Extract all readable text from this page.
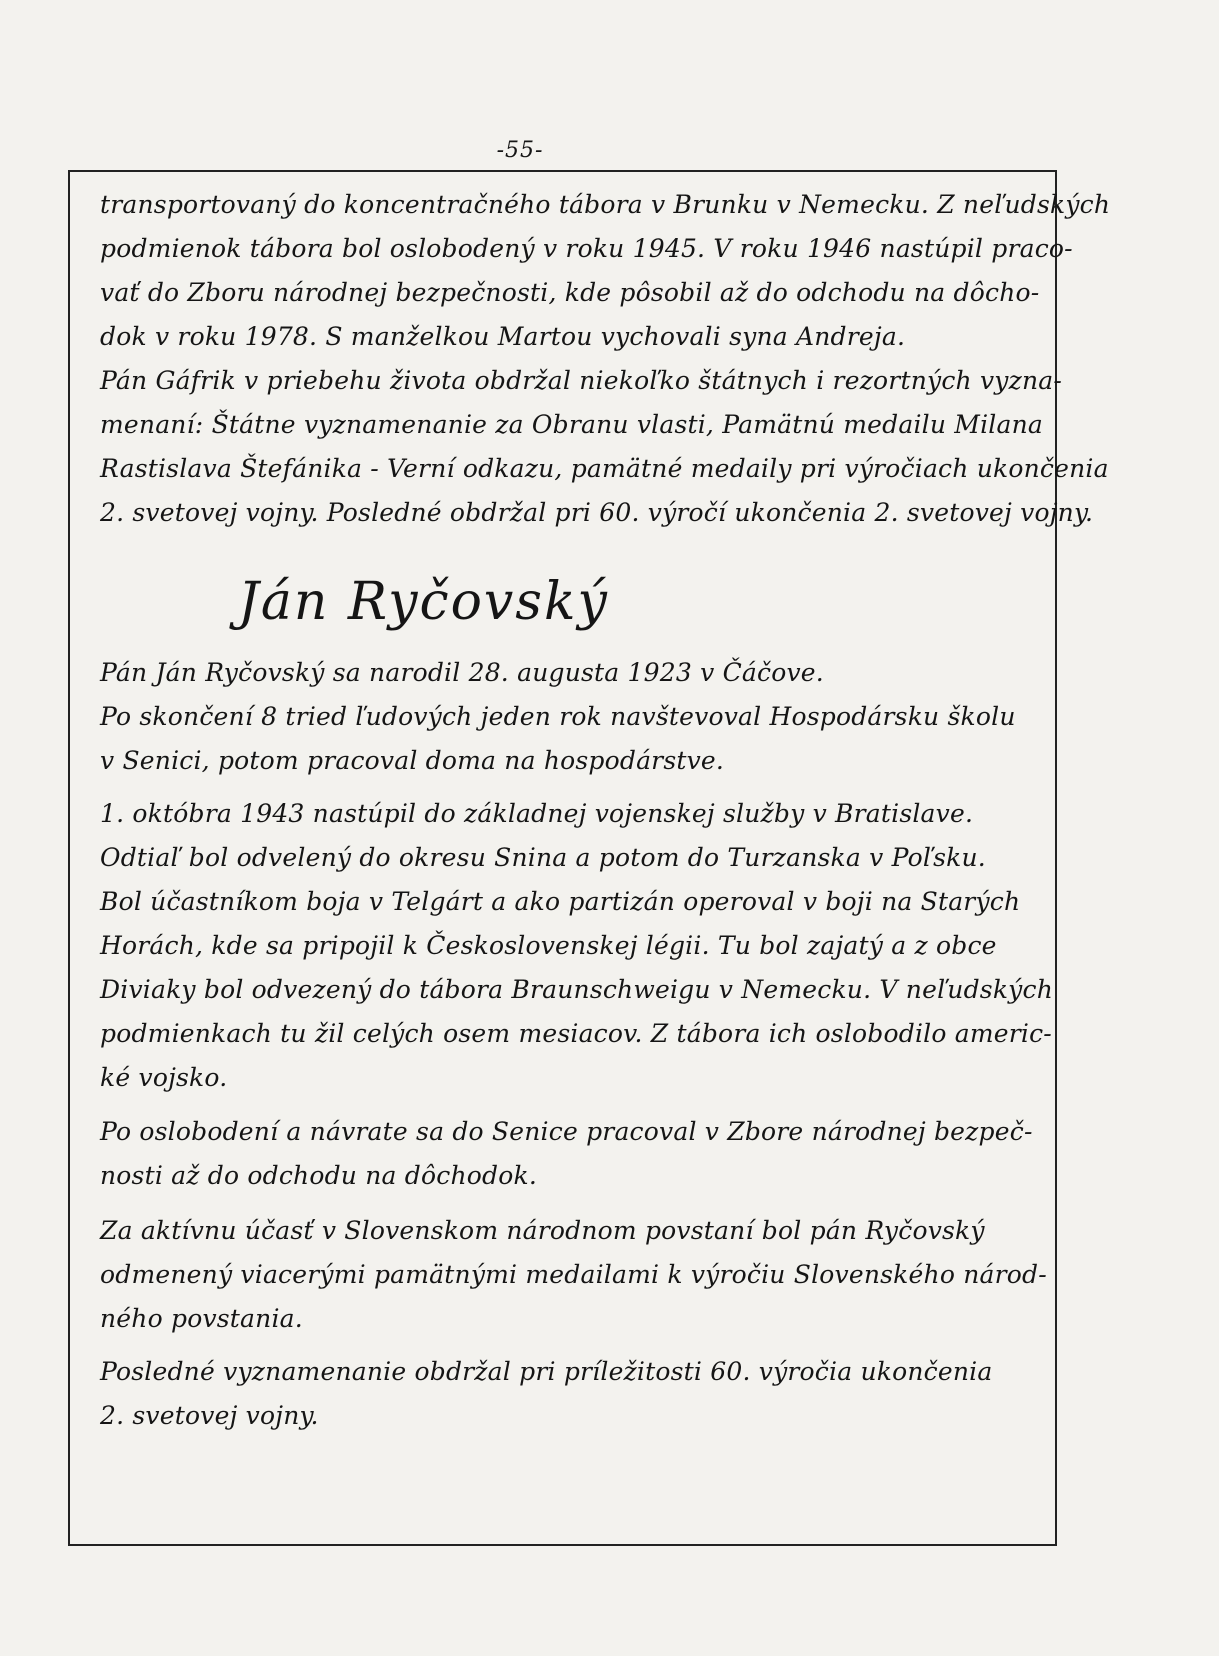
-55-
transportovaný do koncentračného tábora v Brunku v Nemecku. Z neľudských
podmienok tábora bol oslobodený v roku 1945. V roku 1946 nastúpil praco-
vať do Zboru národnej bezpečnosti, kde pôsobil až do odchodu na dôcho-
dok v roku 1978. S manželkou Martou vychovali syna Andreja.
Pán Gáfrik v priebehu života obdržal niekoľko štátnych i rezortných vyzna-
menaní: Štátne vyznamenanie za Obranu vlasti, Pamätnú medailu Milana
Rastislava Štefánika - Verní odkazu, pamätné medaily pri výročiach ukončenia
2. svetovej vojny. Posledné obdržal pri 60. výročí ukončenia 2. svetovej vojny.
Ján Ryčovský
Pán Ján Ryčovský sa narodil 28. augusta 1923 v Čáčove.
Po skončení 8 tried ľudových jeden rok navštevoval Hospodársku školu
v Senici, potom pracoval doma na hospodárstve.
1. októbra 1943 nastúpil do základnej vojenskej služby v Bratislave.
Odtiaľ bol odvelený do okresu Snina a potom do Turzanska v Poľsku.
Bol účastníkom boja v Telgárt a ako partizán operoval v boji na Starých
Horách, kde sa pripojil k Československej légii. Tu bol zajatý a z obce
Diviaky bol odvezený do tábora Braunschweigu v Nemecku. V neľudských
podmienkach tu žil celých osem mesiacov. Z tábora ich oslobodilo americ-
ké vojsko.
Po oslobodení a návrate sa do Senice pracoval v Zbore národnej bezpeč-
nosti až do odchodu na dôchodok.
Za aktívnu účasť v Slovenskom národnom povstaní bol pán Ryčovský
odmenený viacerými pamätnými medailami k výročiu Slovenského národ-
ného povstania.
Posledné vyznamenanie obdržal pri príležitosti 60. výročia ukončenia
2. svetovej vojny.
